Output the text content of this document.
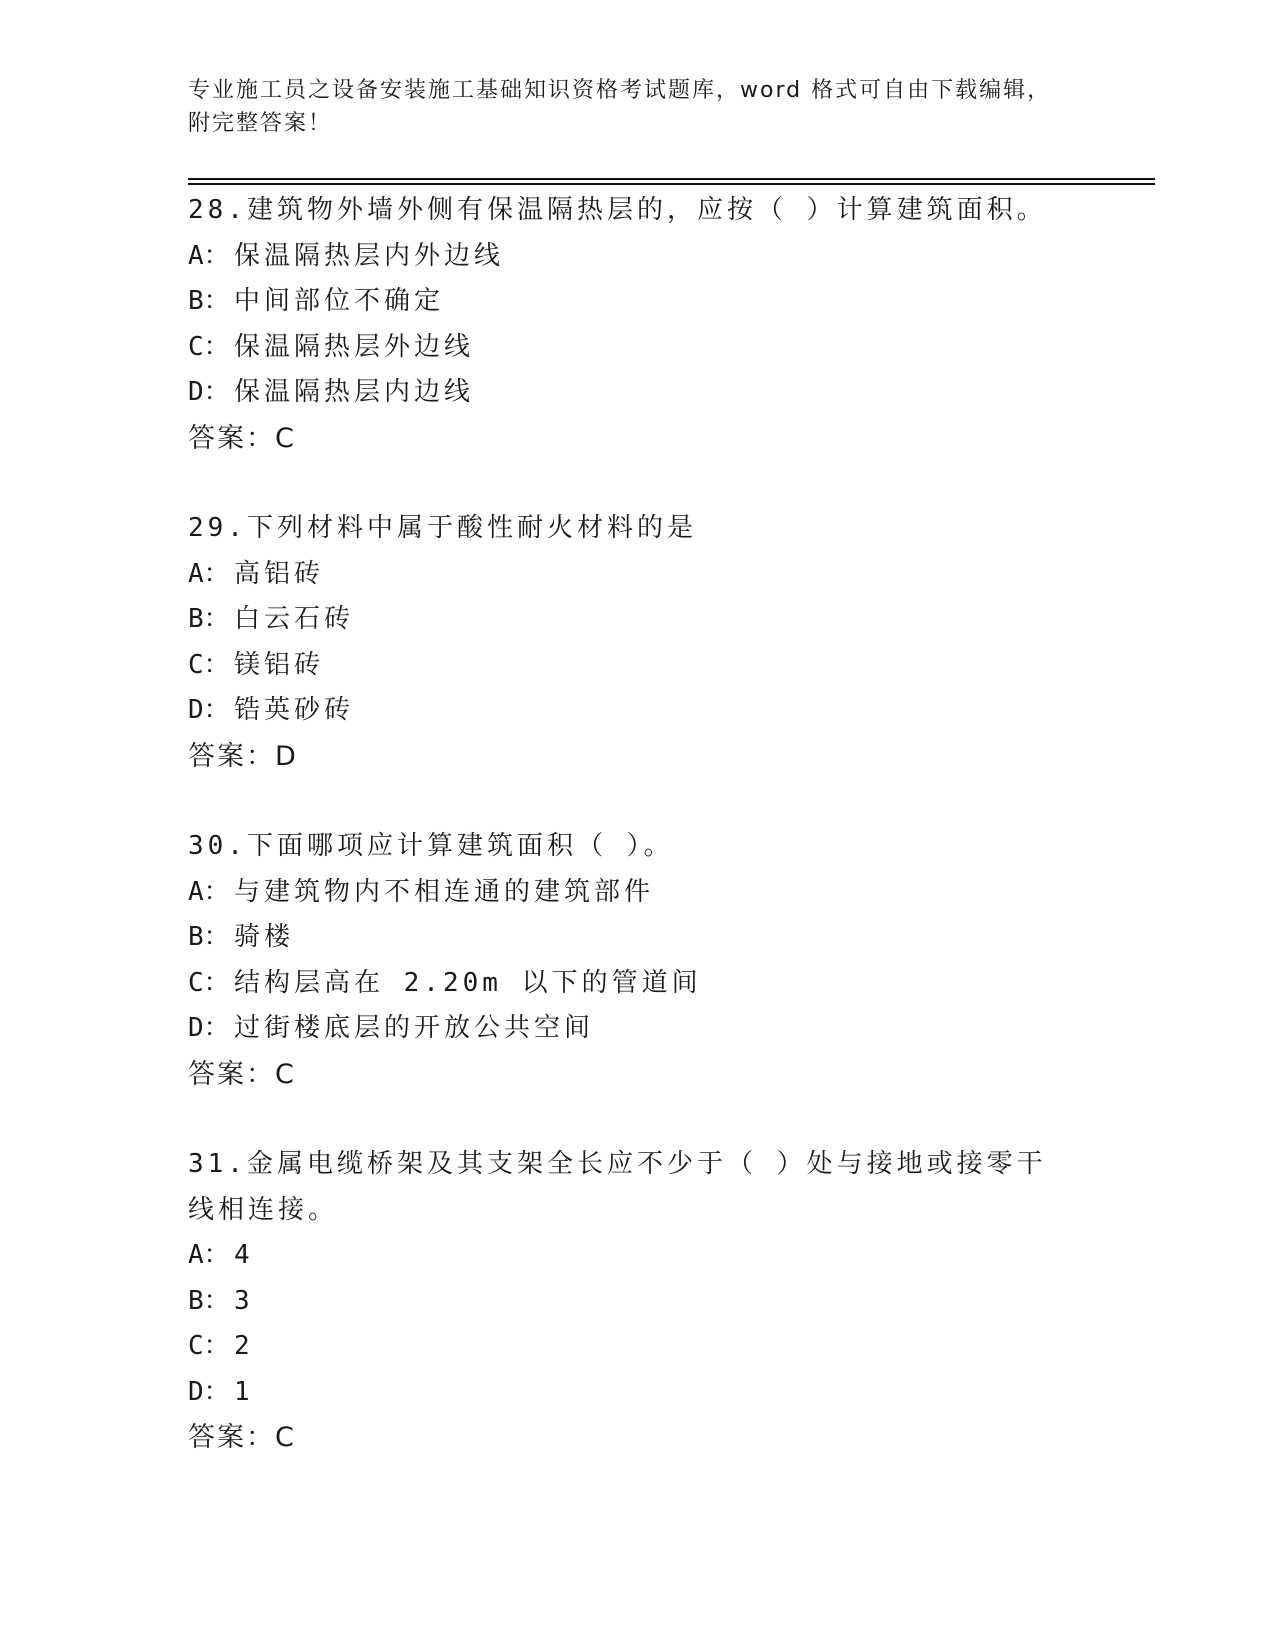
专业施工员之设备安装施工基础知识资格考试题库，word 格式可自由下载编辑，
附完整答案！
28.建筑物外墙外侧有保温隔热层的，应按（ ）计算建筑面积。
A： 保温隔热层内外边线
B： 中间部位不确定
C： 保温隔热层外边线
D： 保温隔热层内边线
答案：C
29.下列材料中属于酸性耐火材料的是
A： 高铝砖
B： 白云石砖
C： 镁铝砖
D： 锆英砂砖
答案：D
30.下面哪项应计算建筑面积（ ）。
A： 与建筑物内不相连通的建筑部件
B： 骑楼
C： 结构层高在 2.20m 以下的管道间
D： 过街楼底层的开放公共空间
答案：C
31.金属电缆桥架及其支架全长应不少于（ ）处与接地或接零干线相连接。
A： 4
B： 3
C： 2
D： 1
答案：C
